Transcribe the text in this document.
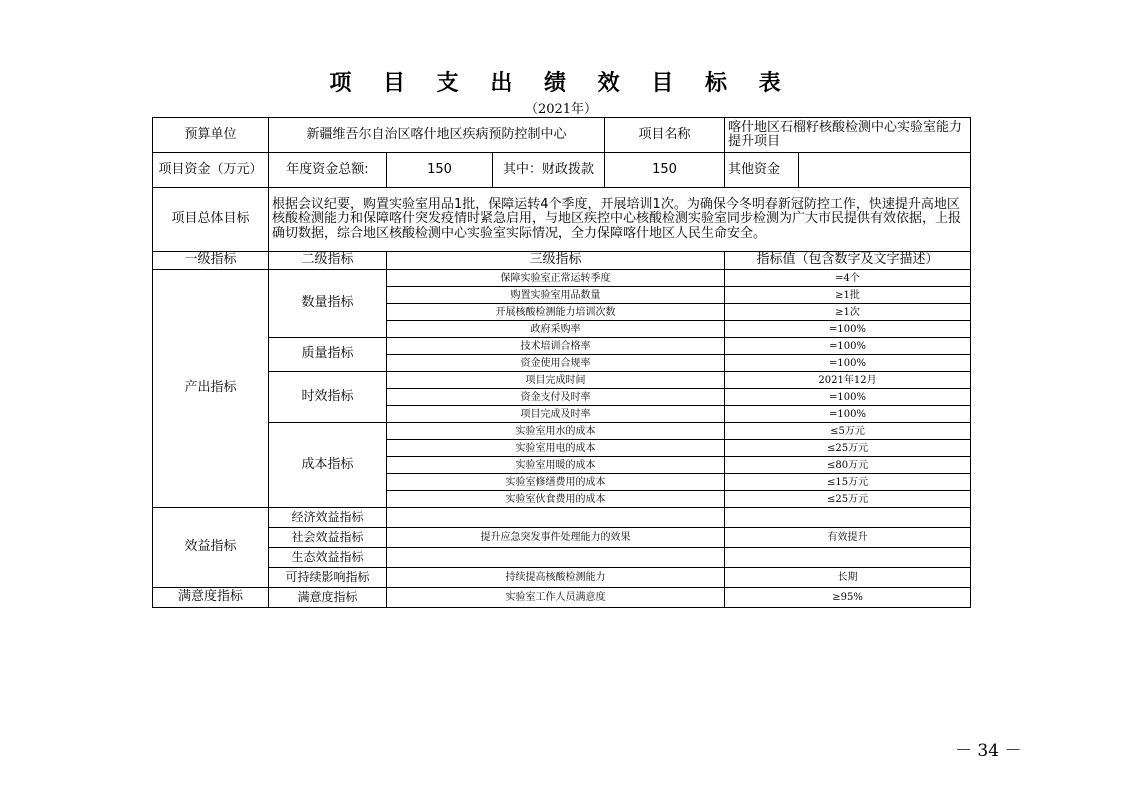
项 目 支 出 绩 效 目 标 表
（2021年）
预算单位	新疆维吾尔自治区喀什地区疾病预防控制中心			项目名称	喀什地区石榴籽核酸检测中心实验室能力提升项目	
项目资金（万元）	年度资金总额:	150	其中：财政拨款	150	其他资金	
项目总体目标	根据会议纪要，购置实验室用品1批，保障运转4个季度，开展培训1次。为确保今冬明春新冠防控工作，快速提升高地区核酸检测能力和保障喀什突发疫情时紧急启用，与地区疾控中心核酸检测实验室同步检测为广大市民提供有效依据，上报确切数据，综合地区核酸检测中心实验室实际情况，全力保障喀什地区人民生命安全。					
一级指标	二级指标	三级指标			指标值（包含数字及文字描述）	
产出指标	数量指标	保障实验室正常运转季度			=4个	
		购置实验室用品数量			≥1批	
		开展核酸检测能力培训次数			≥1次	
		政府采购率			=100%	
	质量指标	技术培训合格率			=100%	
		资金使用合规率			=100%	
	时效指标	项目完成时间			2021年12月	
		资金支付及时率			=100%	
		项目完成及时率			=100%	
	成本指标	实验室用水的成本			≤5万元	
		实验室用电的成本			≤25万元	
		实验室用暖的成本			≤80万元	
		实验室修缮费用的成本			≤15万元	
		实验室伙食费用的成本			≤25万元	
效益指标	经济效益指标					
	社会效益指标	提升应急突发事件处理能力的效果			有效提升	
	生态效益指标					
	可持续影响指标	持续提高核酸检测能力			长期	
满意度指标	满意度指标	实验室工作人员满意度			≥95%	
－ 34 －
